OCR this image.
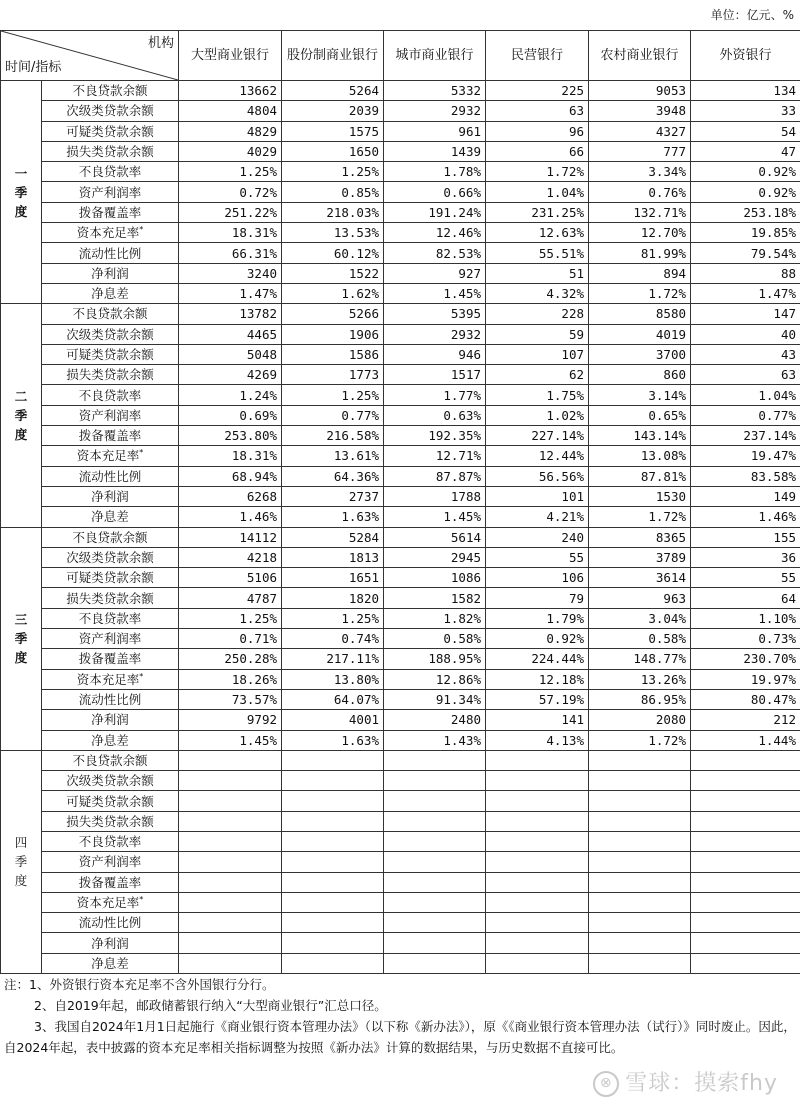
单位：亿元、%
机构
时间/指标		大型商业银行	股份制商业银行	城市商业银行	民营银行	农村商业银行	外资银行
一
季
度	不良贷款余额	13662	5264	5332	225	9053	134
	次级类贷款余额	4804	2039	2932	63	3948	33
	可疑类贷款余额	4829	1575	961	96	4327	54
	损失类贷款余额	4029	1650	1439	66	777	47
	不良贷款率	1.25%	1.25%	1.78%	1.72%	3.34%	0.92%
	资产利润率	0.72%	0.85%	0.66%	1.04%	0.76%	0.92%
	拨备覆盖率	251.22%	218.03%	191.24%	231.25%	132.71%	253.18%
	资本充足率*	18.31%	13.53%	12.46%	12.63%	12.70%	19.85%
	流动性比例	66.31%	60.12%	82.53%	55.51%	81.99%	79.54%
	净利润	3240	1522	927	51	894	88
	净息差	1.47%	1.62%	1.45%	4.32%	1.72%	1.47%
二
季
度	不良贷款余额	13782	5266	5395	228	8580	147
	次级类贷款余额	4465	1906	2932	59	4019	40
	可疑类贷款余额	5048	1586	946	107	3700	43
	损失类贷款余额	4269	1773	1517	62	860	63
	不良贷款率	1.24%	1.25%	1.77%	1.75%	3.14%	1.04%
	资产利润率	0.69%	0.77%	0.63%	1.02%	0.65%	0.77%
	拨备覆盖率	253.80%	216.58%	192.35%	227.14%	143.14%	237.14%
	资本充足率*	18.31%	13.61%	12.71%	12.44%	13.08%	19.47%
	流动性比例	68.94%	64.36%	87.87%	56.56%	87.81%	83.58%
	净利润	6268	2737	1788	101	1530	149
	净息差	1.46%	1.63%	1.45%	4.21%	1.72%	1.46%
三
季
度	不良贷款余额	14112	5284	5614	240	8365	155
	次级类贷款余额	4218	1813	2945	55	3789	36
	可疑类贷款余额	5106	1651	1086	106	3614	55
	损失类贷款余额	4787	1820	1582	79	963	64
	不良贷款率	1.25%	1.25%	1.82%	1.79%	3.04%	1.10%
	资产利润率	0.71%	0.74%	0.58%	0.92%	0.58%	0.73%
	拨备覆盖率	250.28%	217.11%	188.95%	224.44%	148.77%	230.70%
	资本充足率*	18.26%	13.80%	12.86%	12.18%	13.26%	19.97%
	流动性比例	73.57%	64.07%	91.34%	57.19%	86.95%	80.47%
	净利润	9792	4001	2480	141	2080	212
	净息差	1.45%	1.63%	1.43%	4.13%	1.72%	1.44%
四
季
度	不良贷款余额						
	次级类贷款余额						
	可疑类贷款余额						
	损失类贷款余额						
	不良贷款率						
	资产利润率						
	拨备覆盖率						
	资本充足率*						
	流动性比例						
	净利润						
	净息差						

注：1、外资银行资本充足率不含外国银行分行。

2、自2019年起，邮政储蓄银行纳入“大型商业银行”汇总口径。

3、我国自2024年1月1日起施行《商业银行资本管理办法》（以下称《新办法》），原《《商业银行资本管理办法（试行）》同时废止。因此，自2024年起，表中披露的资本充足率相关指标调整为按照《新办法》计算的数据结果，与历史数据不直接可比。

⊗ 雪球：摸索fhy
